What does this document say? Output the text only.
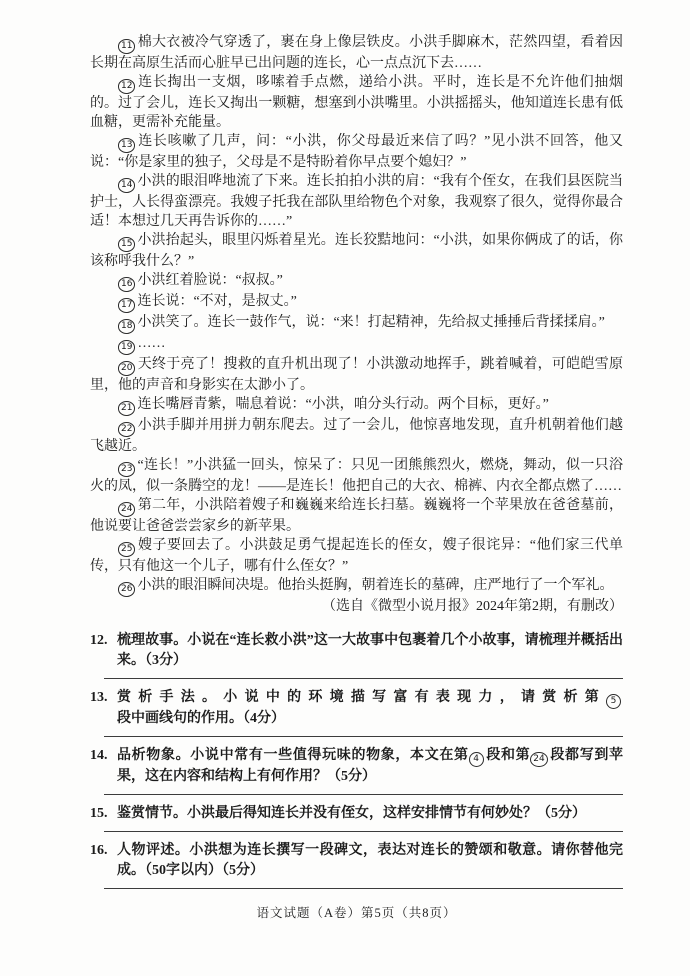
11 棉大衣被冷气穿透了，裹在身上像层铁皮。小洪手脚麻木，茫然四望，看着因长期在高原生活而心脏早已出问题的连长，心一点点沉下去……

12 连长掏出一支烟，哆嗦着手点燃，递给小洪。平时，连长是不允许他们抽烟的。过了会儿，连长又掏出一颗糖，想塞到小洪嘴里。小洪摇摇头，他知道连长患有低血糖，更需补充能量。

13 连长咳嗽了几声，问：“小洪，你父母最近来信了吗？”见小洪不回答，他又说：“你是家里的独子，父母是不是特盼着你早点要个媳妇？”

14 小洪的眼泪哗地流了下来。连长拍拍小洪的肩：“我有个侄女，在我们县医院当护士，人长得蛮漂亮。我嫂子托我在部队里给物色个对象，我观察了很久，觉得你最合适！本想过几天再告诉你的……”

15 小洪抬起头，眼里闪烁着星光。连长狡黠地问：“小洪，如果你俩成了的话，你该称呼我什么？”

16 小洪红着脸说：“叔叔。”

17 连长说：“不对，是叔丈。”

18 小洪笑了。连长一鼓作气，说：“来！打起精神，先给叔丈捶捶后背揉揉肩。”

19 ……

20 天终于亮了！搜救的直升机出现了！小洪激动地挥手，跳着喊着，可皑皑雪原里，他的声音和身影实在太渺小了。

21 连长嘴唇青紫，喘息着说：“小洪，咱分头行动。两个目标，更好。”

22 小洪手脚并用拼力朝东爬去。过了一会儿，他惊喜地发现，直升机朝着他们越飞越近。

23 “连长！”小洪猛一回头，惊呆了：只见一团熊熊烈火，燃烧，舞动，似一只浴火的凤，似一条腾空的龙！——是连长！他把自己的大衣、棉裤、内衣全都点燃了……

24 第二年，小洪陪着嫂子和巍巍来给连长扫墓。巍巍将一个苹果放在爸爸墓前，他说要让爸爸尝尝家乡的新苹果。

25 嫂子要回去了。小洪鼓足勇气提起连长的侄女，嫂子很诧异：“他们家三代单传，只有他这一个儿子，哪有什么侄女？”

26 小洪的眼泪瞬间决堤。他抬头挺胸，朝着连长的墓碑，庄严地行了一个军礼。

（选自《微型小说月报》2024年第2期，有删改）

12. 梳理故事。小说在“连长救小洪”这一大故事中包裹着几个小故事，请梳理并概括出来。（3分）
13. 赏析手法。小说中的环境描写富有表现力，请赏析第 5段中画线句的作用。（4分）
14. 品析物象。小说中常有一些值得玩味的物象，本文在第 4 段和第 24 段都写到苹果，这在内容和结构上有何作用？（5分）
15. 鉴赏情节。小洪最后得知连长并没有侄女，这样安排情节有何妙处？（5分）
16. 人物评述。小洪想为连长撰写一段碑文，表达对连长的赞颂和敬意。请你替他完成。（50字以内）（5分）
语文试题（A卷）第5页（共8页）
